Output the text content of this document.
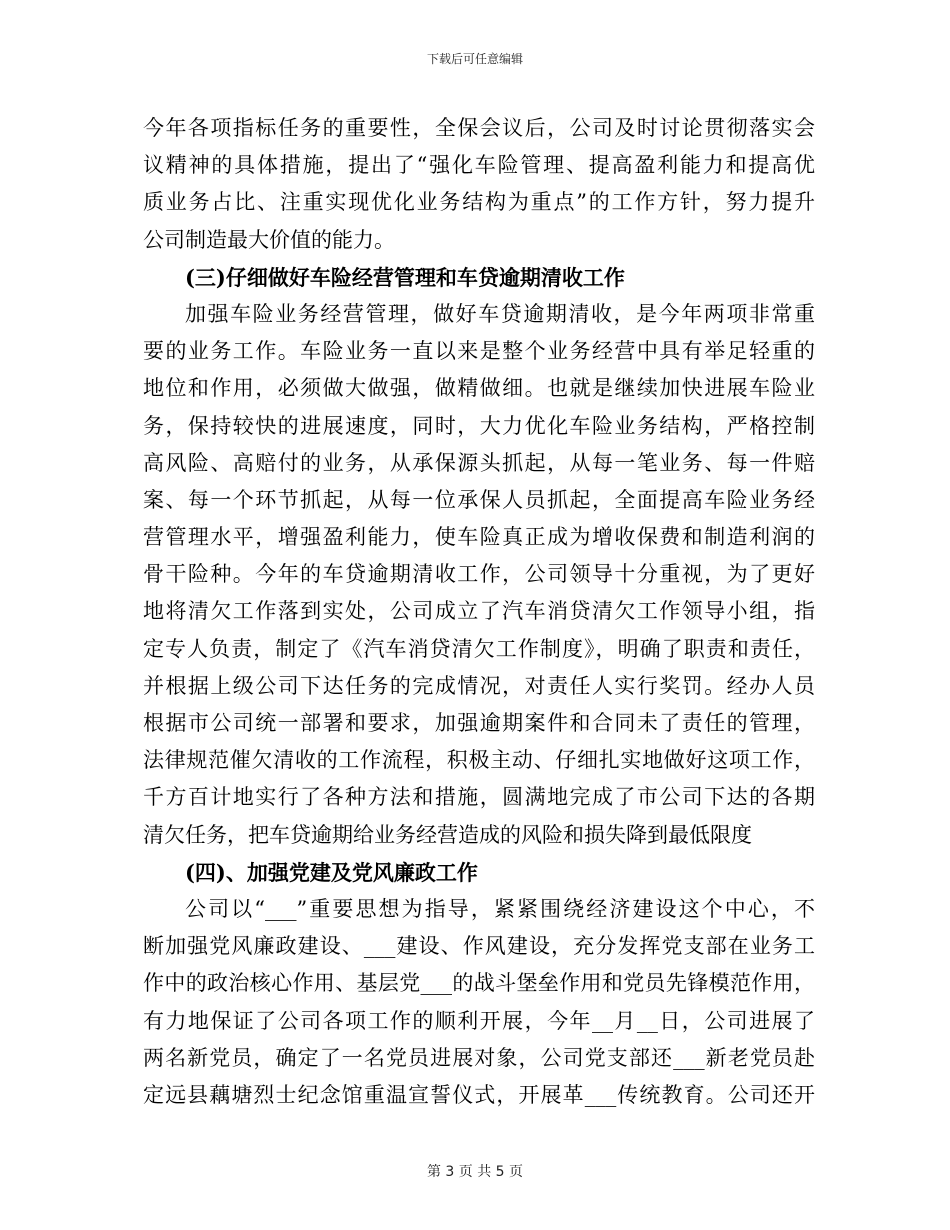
下载后可任意编辑
今年各项指标任务的重要性，全保会议后，公司及时讨论贯彻落实会
议精神的具体措施，提出了“强化车险管理、提高盈利能力和提高优
质业务占比、注重实现优化业务结构为重点”的工作方针，努力提升
公司制造最大价值的能力。
(三)仔细做好车险经营管理和车贷逾期清收工作
加强车险业务经营管理，做好车贷逾期清收，是今年两项非常重
要的业务工作。车险业务一直以来是整个业务经营中具有举足轻重的
地位和作用，必须做大做强，做精做细。也就是继续加快进展车险业
务，保持较快的进展速度，同时，大力优化车险业务结构，严格控制
高风险、高赔付的业务，从承保源头抓起，从每一笔业务、每一件赔
案、每一个环节抓起，从每一位承保人员抓起，全面提高车险业务经
营管理水平，增强盈利能力，使车险真正成为增收保费和制造利润的
骨干险种。今年的车贷逾期清收工作，公司领导十分重视，为了更好
地将清欠工作落到实处，公司成立了汽车消贷清欠工作领导小组，指
定专人负责，制定了《汽车消贷清欠工作制度》，明确了职责和责任，
并根据上级公司下达任务的完成情况，对责任人实行奖罚。经办人员
根据市公司统一部署和要求，加强逾期案件和合同未了责任的管理，
法律规范催欠清收的工作流程，积极主动、仔细扎实地做好这项工作，
千方百计地实行了各种方法和措施，圆满地完成了市公司下达的各期
清欠任务，把车贷逾期给业务经营造成的风险和损失降到最低限度
(四)、加强党建及党风廉政工作
公司以“___”重要思想为指导，紧紧围绕经济建设这个中心，不
断加强党风廉政建设、___建设、作风建设，充分发挥党支部在业务工
作中的政治核心作用、基层党___的战斗堡垒作用和党员先锋模范作用，
有力地保证了公司各项工作的顺利开展，今年__月__日，公司进展了
两名新党员，确定了一名党员进展对象，公司党支部还___新老党员赴
定远县藕塘烈士纪念馆重温宣誓仪式，开展革___传统教育。公司还开
第 3 页 共 5 页
